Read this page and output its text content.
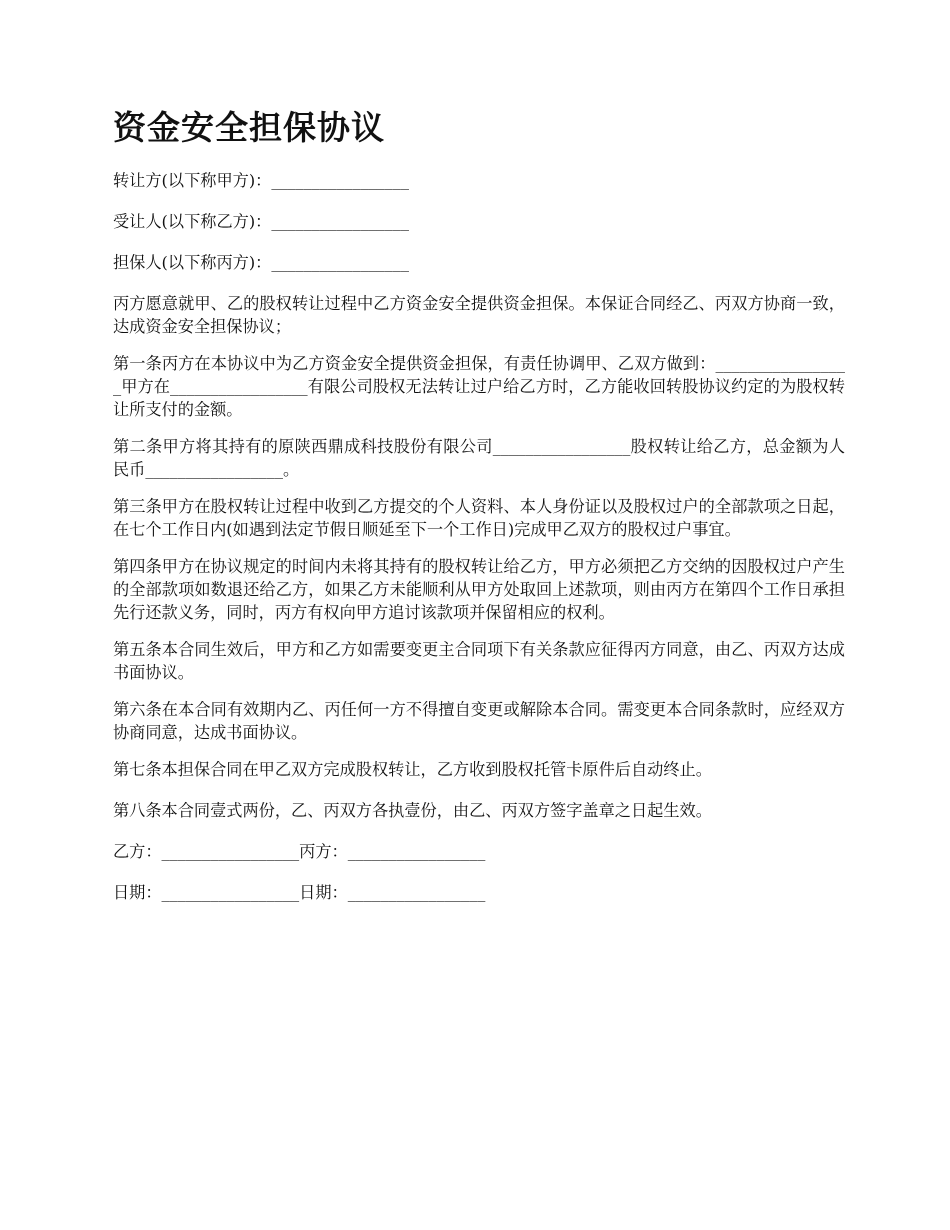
资金安全担保协议

转让方(以下称甲方)：_________________

受让人(以下称乙方)：_________________

担保人(以下称丙方)：_________________

丙方愿意就甲、乙的股权转让过程中乙方资金安全提供资金担保。本保证合同经乙、丙双方协商一致，达成资金安全担保协议；

第一条丙方在本协议中为乙方资金安全提供资金担保，有责任协调甲、乙双方做到：_________________甲方在_________________有限公司股权无法转让过户给乙方时，乙方能收回转股协议约定的为股权转让所支付的金额。

第二条甲方将其持有的原陕西鼎成科技股份有限公司_________________股权转让给乙方，总金额为人民币_________________。

第三条甲方在股权转让过程中收到乙方提交的个人资料、本人身份证以及股权过户的全部款项之日起，在七个工作日内(如遇到法定节假日顺延至下一个工作日)完成甲乙双方的股权过户事宜。

第四条甲方在协议规定的时间内未将其持有的股权转让给乙方，甲方必须把乙方交纳的因股权过户产生的全部款项如数退还给乙方，如果乙方未能顺利从甲方处取回上述款项，则由丙方在第四个工作日承担先行还款义务，同时，丙方有权向甲方追讨该款项并保留相应的权利。

第五条本合同生效后，甲方和乙方如需要变更主合同项下有关条款应征得丙方同意，由乙、丙双方达成书面协议。

第六条在本合同有效期内乙、丙任何一方不得擅自变更或解除本合同。需变更本合同条款时，应经双方协商同意，达成书面协议。

第七条本担保合同在甲乙双方完成股权转让，乙方收到股权托管卡原件后自动终止。

第八条本合同壹式两份，乙、丙双方各执壹份，由乙、丙双方签字盖章之日起生效。

乙方：_________________丙方：_________________

日期：_________________日期：_________________
